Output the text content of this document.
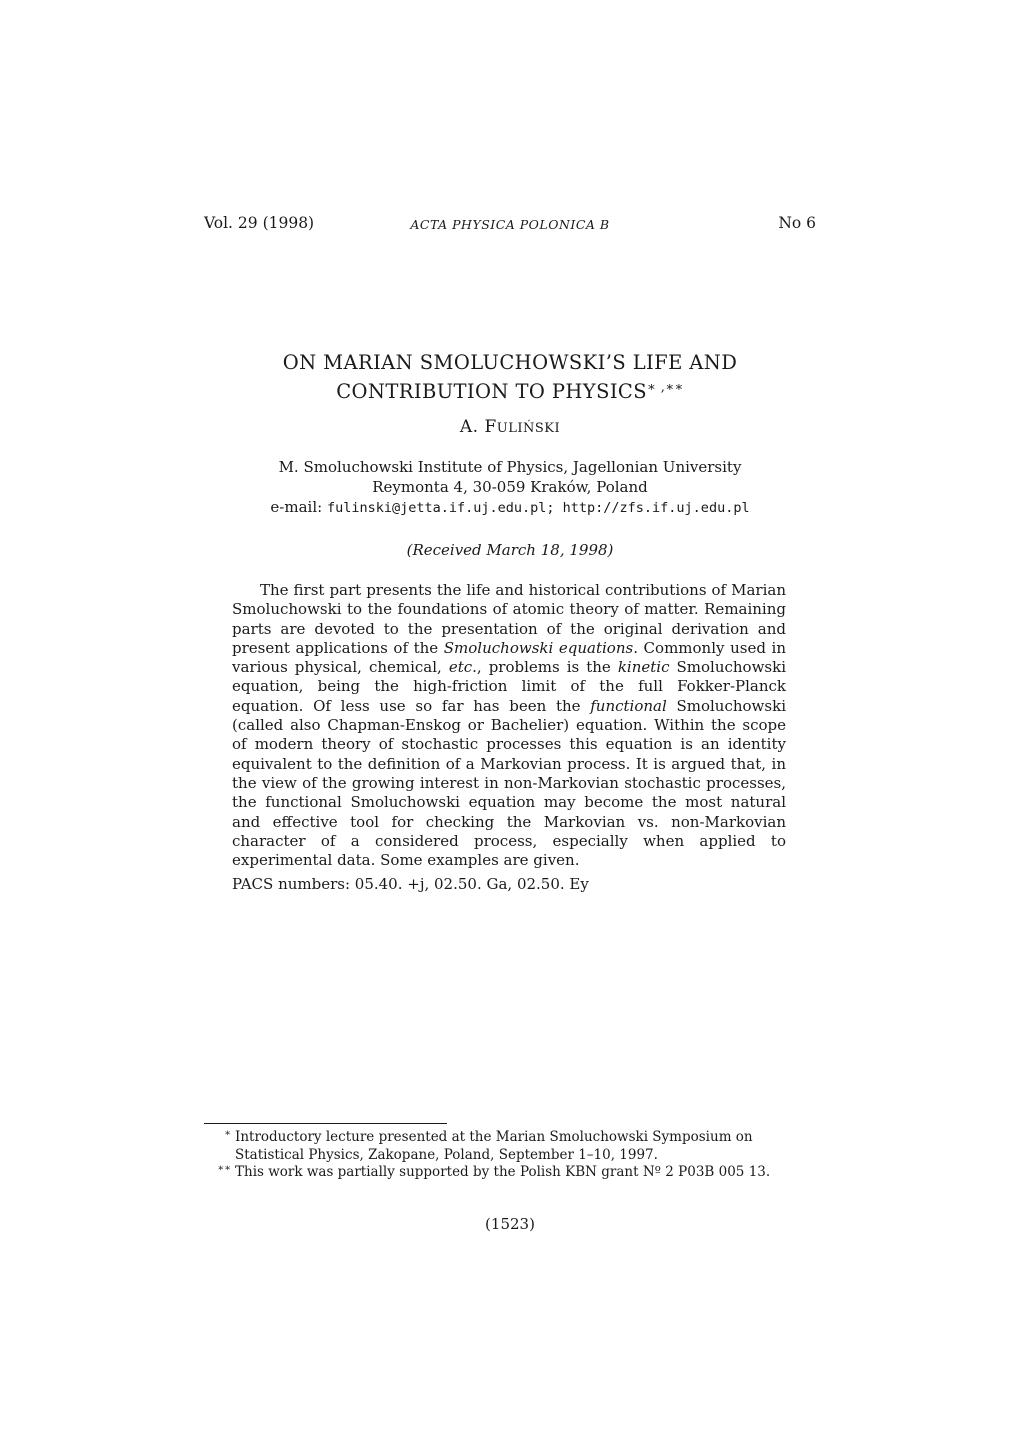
Vol. 29 (1998)	ACTA PHYSICA POLONICA B	No 6
ON MARIAN SMOLUCHOWSKI’S LIFE AND
CONTRIBUTION TO PHYSICS∗ ,∗∗
A. FULIŃSKI
M. Smoluchowski Institute of Physics, Jagellonian University
Reymonta 4, 30-059 Kraków, Poland
e-mail: fulinski@jetta.if.uj.edu.pl; http://zfs.if.uj.edu.pl
(Received March 18, 1998)

The first part presents the life and historical contributions of Marian Smoluchowski to the foundations of atomic theory of matter. Remaining parts are devoted to the presentation of the original derivation and present applications of the Smoluchowski equations. Commonly used in various physical, chemical, etc., problems is the kinetic Smoluchowski equation, being the high-friction limit of the full Fokker-Planck equation. Of less use so far has been the functional Smoluchowski (called also Chapman-Enskog or Bachelier) equation. Within the scope of modern theory of stochastic processes this equation is an identity equivalent to the definition of a Markovian process. It is argued that, in the view of the growing interest in non-Markovian stochastic processes, the functional Smoluchowski equation may become the most natural and effective tool for checking the Markovian vs. non-Markovian character of a considered process, especially when applied to experimental data. Some examples are given.

PACS numbers: 05.40. +j, 02.50. Ga, 02.50. Ey
∗ Introductory lecture presented at the Marian Smoluchowski Symposium on Statistical Physics, Zakopane, Poland, September 1–10, 1997.
∗∗ This work was partially supported by the Polish KBN grant Nº 2 P03B 005 13.
(1523)
